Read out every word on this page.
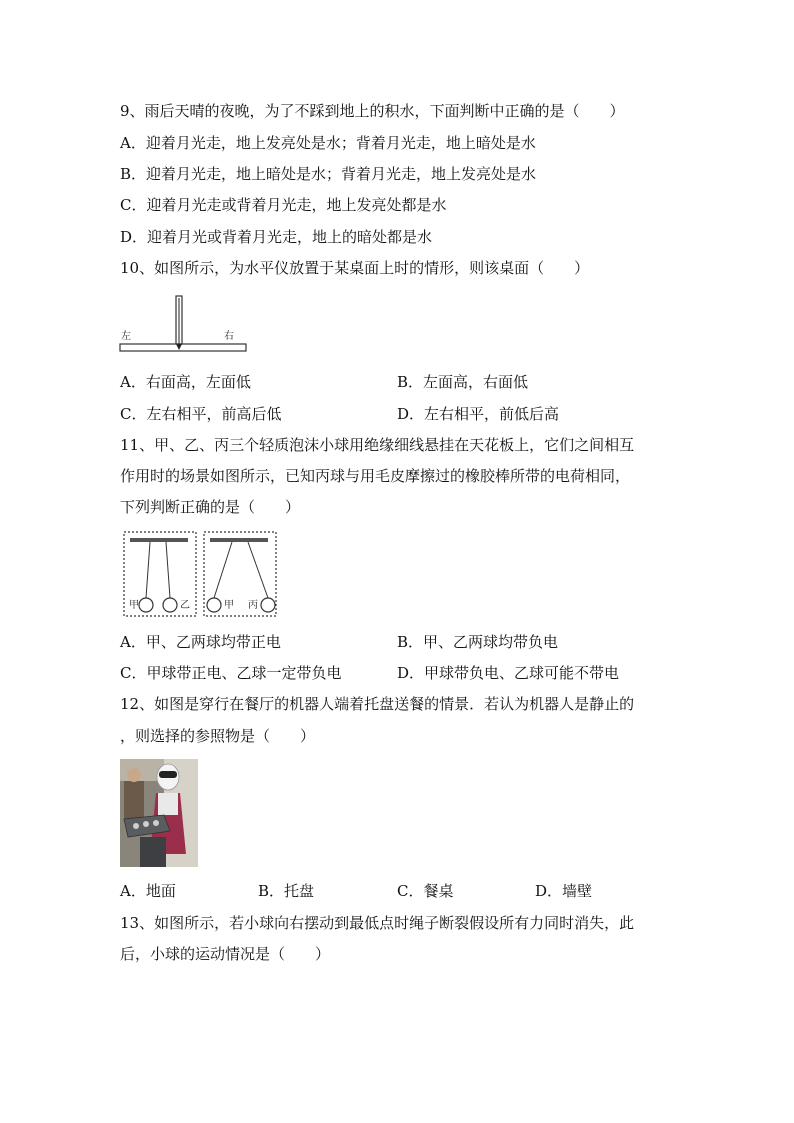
9、雨后天晴的夜晚，为了不踩到地上的积水，下面判断中正确的是（　　）
A．迎着月光走，地上发亮处是水；背着月光走，地上暗处是水
B．迎着月光走，地上暗处是水；背着月光走，地上发亮处是水
C．迎着月光走或背着月光走，地上发亮处都是水
D．迎着月光或背着月光走，地上的暗处都是水
10、如图所示，为水平仪放置于某桌面上时的情形，则该桌面（　　）
左	右
A．右面高，左面低	B．左面高，右面低
C．左右相平，前高后低	D．左右相平，前低后高
11、甲、乙、丙三个轻质泡沫小球用绝缘细线悬挂在天花板上，它们之间相互
作用时的场景如图所示，已知丙球与用毛皮摩擦过的橡胶棒所带的电荷相同，
下列判断正确的是（　　）
甲	乙	甲 丙
A．甲、乙两球均带正电	B．甲、乙两球均带负电
C．甲球带正电、乙球一定带负电	D．甲球带负电、乙球可能不带电
12、如图是穿行在餐厅的机器人端着托盘送餐的情景．若认为机器人是静止的
，则选择的参照物是（　　）
A．地面	B．托盘	C．餐桌	D．墙壁
13、如图所示，若小球向右摆动到最低点时绳子断裂假设所有力同时消失，此
后，小球的运动情况是（　　）
